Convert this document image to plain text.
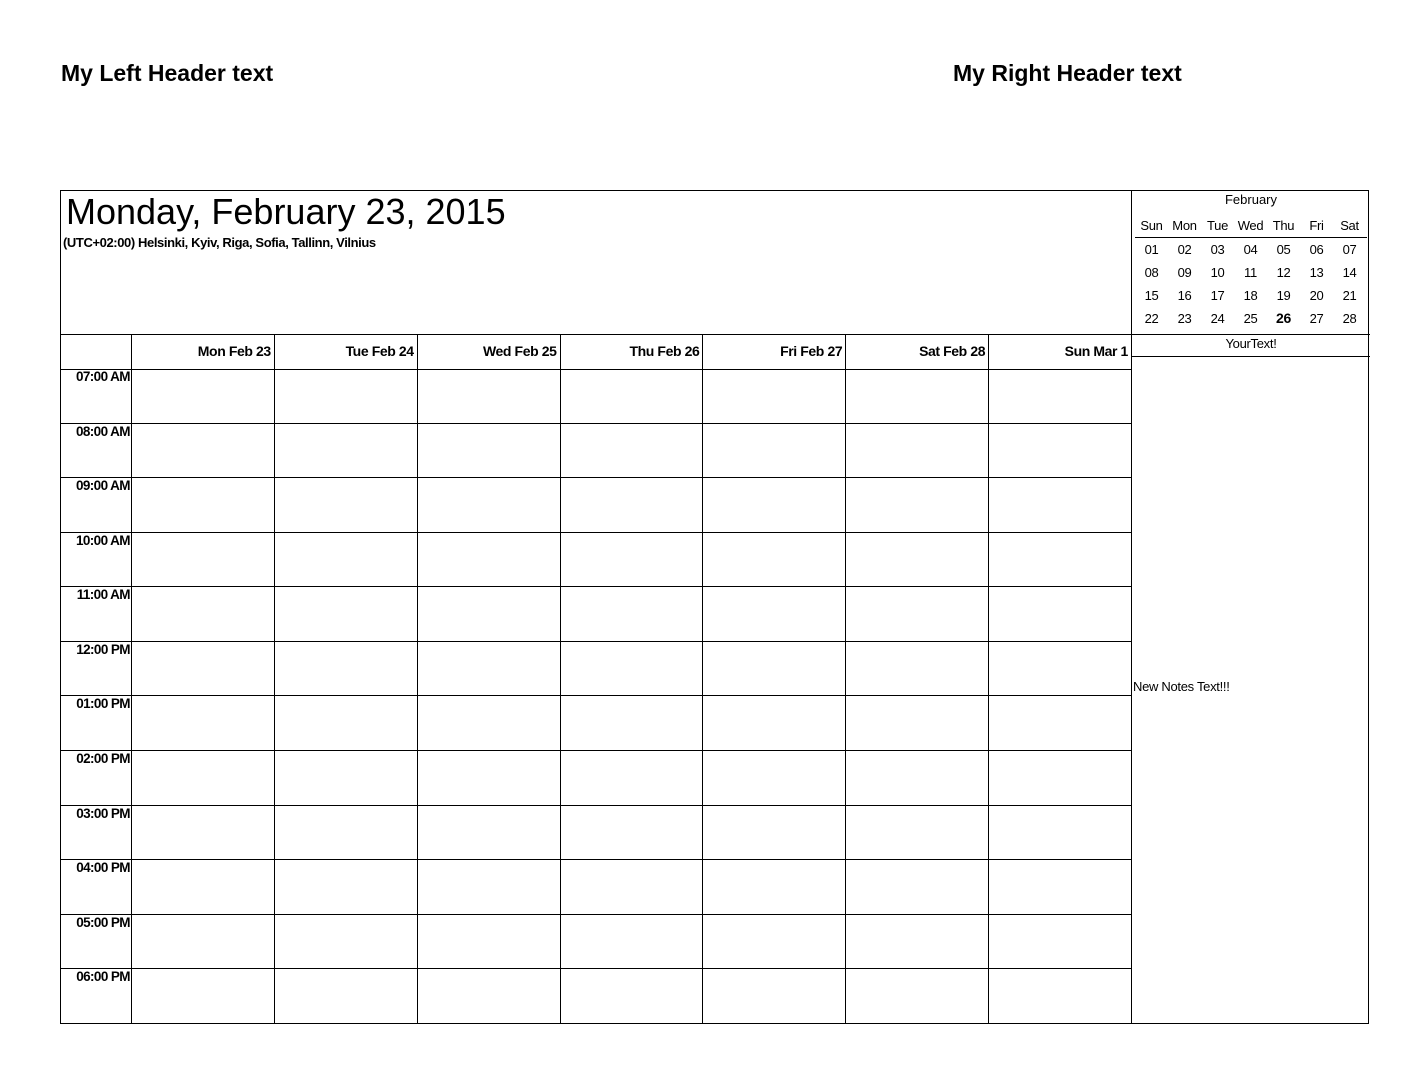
My Left Header text	My Right Header text
Monday, February 23, 2015
(UTC+02:00) Helsinki, Kyiv, Riga, Sofia, Tallinn, Vilnius
February
Sun Mon Tue Wed Thu	Fri	Sat
01	02	03	04	05	06	07
08	09	10	11	12	13	14
15	16	17	18	19	20	21
22	23	24	25	26	27	28
YourText!
New Notes Text!!!
Mon Feb 23	Tue Feb 24	Wed Feb 25	Thu Feb 26	Fri Feb 27	Sat Feb 28	Sun Mar 1
07:00 AM
08:00 AM
09:00 AM
10:00 AM
11:00 AM
12:00 PM
01:00 PM
02:00 PM
03:00 PM
04:00 PM
05:00 PM
06:00 PM
